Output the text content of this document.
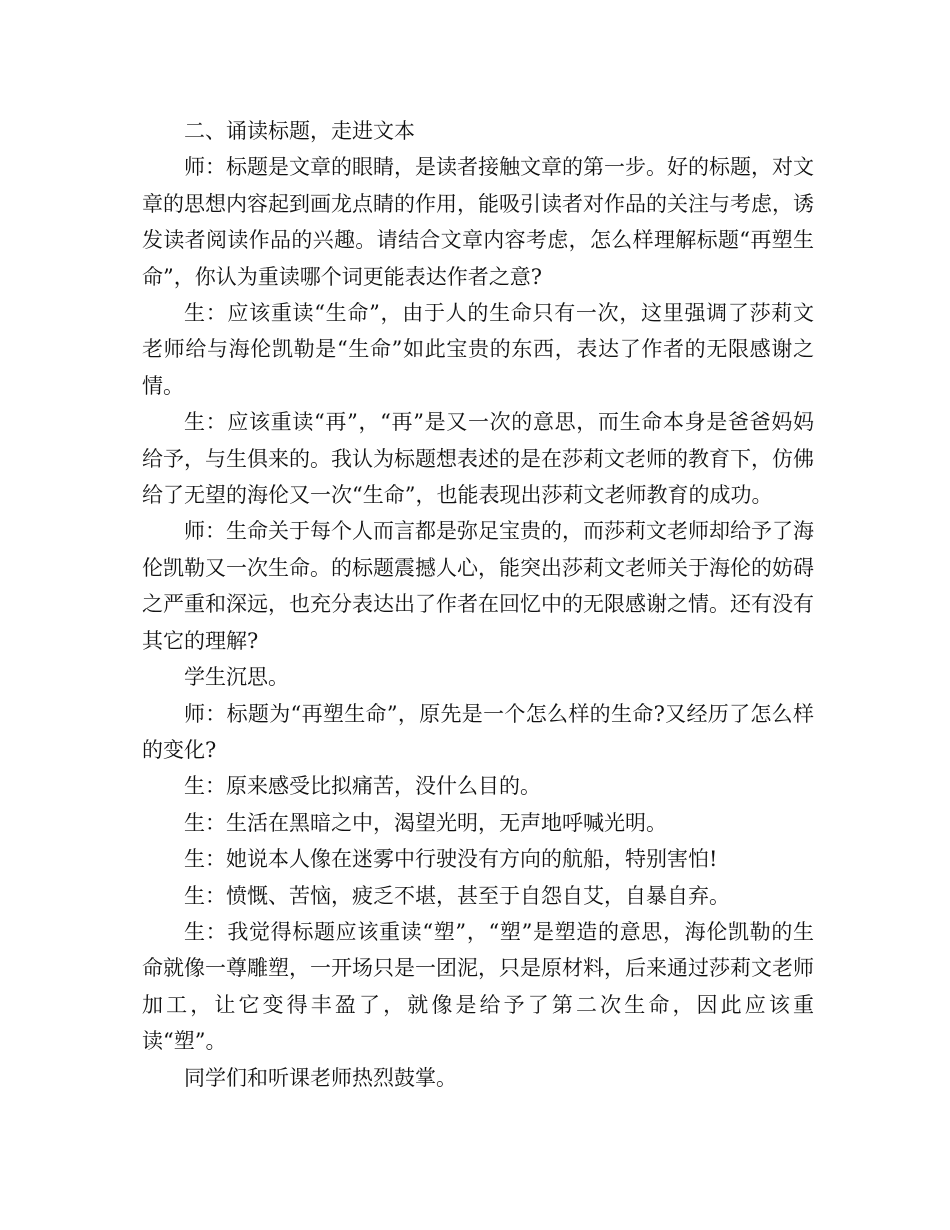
二、诵读标题，走进文本

师：标题是文章的眼睛，是读者接触文章的第一步。好的标题，对文章的思想内容起到画龙点睛的作用，能吸引读者对作品的关注与考虑，诱发读者阅读作品的兴趣。请结合文章内容考虑，怎么样理解标题“再塑生命”，你认为重读哪个词更能表达作者之意?

生：应该重读“生命”，由于人的生命只有一次，这里强调了莎莉文老师给与海伦凯勒是“生命”如此宝贵的东西，表达了作者的无限感谢之情。

生：应该重读“再”，“再”是又一次的意思，而生命本身是爸爸妈妈给予，与生俱来的。我认为标题想表述的是在莎莉文老师的教育下，仿佛给了无望的海伦又一次“生命”，也能表现出莎莉文老师教育的成功。

师：生命关于每个人而言都是弥足宝贵的，而莎莉文老师却给予了海伦凯勒又一次生命。的标题震撼人心，能突出莎莉文老师关于海伦的妨碍之严重和深远，也充分表达出了作者在回忆中的无限感谢之情。还有没有其它的理解?

学生沉思。

师：标题为“再塑生命”，原先是一个怎么样的生命?又经历了怎么样的变化?

生：原来感受比拟痛苦，没什么目的。

生：生活在黑暗之中，渴望光明，无声地呼喊光明。

生：她说本人像在迷雾中行驶没有方向的航船，特别害怕!

生：愤慨、苦恼，疲乏不堪，甚至于自怨自艾，自暴自弃。

生：我觉得标题应该重读“塑”，“塑”是塑造的意思，海伦凯勒的生命就像一尊雕塑，一开场只是一团泥，只是原材料，后来通过莎莉文老师加工，让它变得丰盈了，就像是给予了第二次生命，因此应该重读“塑”。

同学们和听课老师热烈鼓掌。
